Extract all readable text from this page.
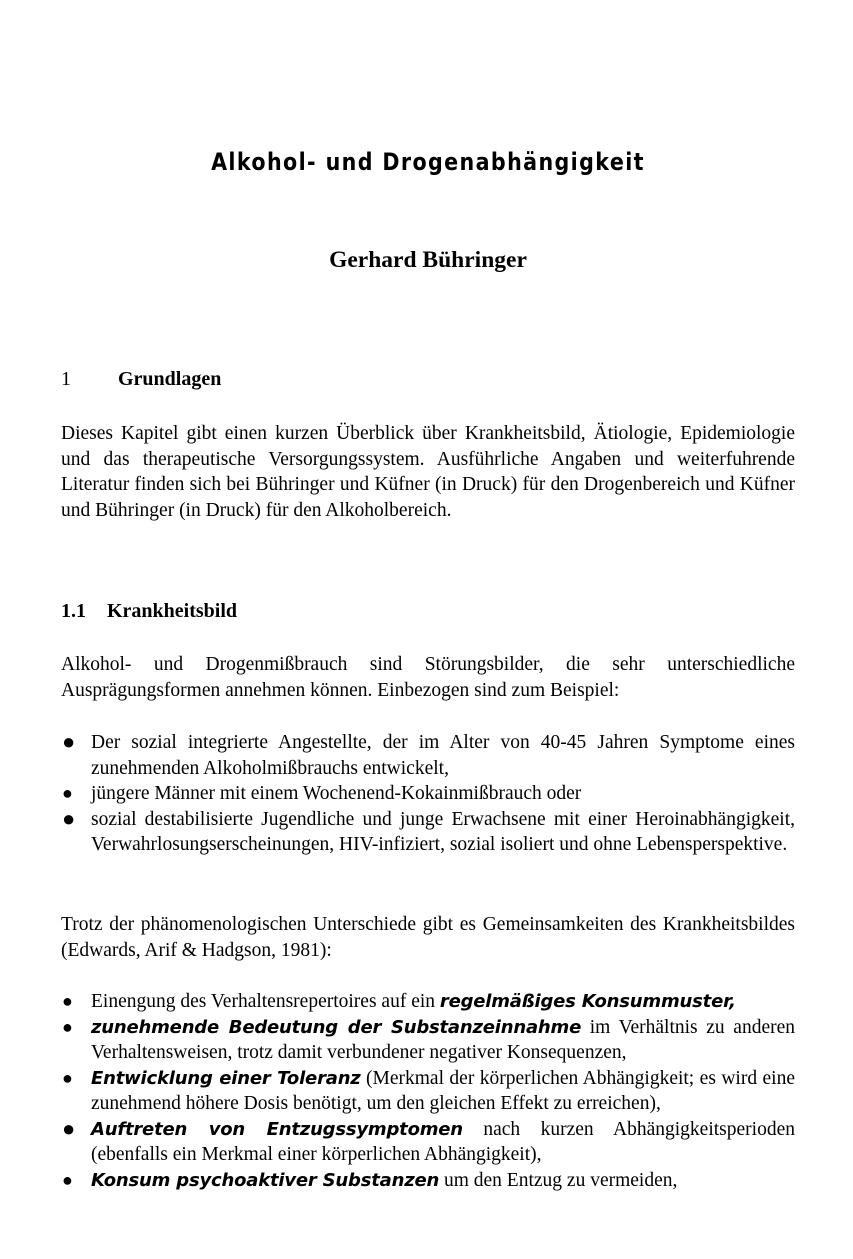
Alkohol- und Drogenabhängigkeit
Gerhard Bühringer
1 Grundlagen

Dieses Kapitel gibt einen kurzen Überblick über Krankheitsbild, Ätiologie, Epidemiologie und das therapeutische Versorgungssystem. Ausführliche Angaben und weiterfuhrende Literatur finden sich bei Bühringer und Küfner (in Druck) für den Drogenbereich und Küfner und Bühringer (in Druck) für den Alkoholbereich.

1.1 Krankheitsbild

Alkohol- und Drogenmißbrauch sind Störungsbilder, die sehr unterschiedliche Ausprägungsformen annehmen können. Einbezogen sind zum Beispiel:

● Der sozial integrierte Angestellte, der im Alter von 40-45 Jahren Symptome eines zunehmenden Alkoholmißbrauchs entwickelt,
● jüngere Männer mit einem Wochenend-Kokainmißbrauch oder
● sozial destabilisierte Jugendliche und junge Erwachsene mit einer Heroinabhängigkeit, Verwahrlosungserscheinungen, HIV-infiziert, sozial isoliert und ohne Lebensperspektive.

Trotz der phänomenologischen Unterschiede gibt es Gemeinsamkeiten des Krankheitsbildes (Edwards, Arif & Hadgson, 1981):

● Einengung des Verhaltensrepertoires auf ein regelmäßiges Konsummuster,
● zunehmende Bedeutung der Substanzeinnahme im Verhältnis zu anderen Verhaltensweisen, trotz damit verbundener negativer Konsequenzen,
● Entwicklung einer Toleranz (Merkmal der körperlichen Abhängigkeit; es wird eine zunehmend höhere Dosis benötigt, um den gleichen Effekt zu erreichen),
● Auftreten von Entzugssymptomen nach kurzen Abhängigkeitsperioden (ebenfalls ein Merkmal einer körperlichen Abhängigkeit),
● Konsum psychoaktiver Substanzen um den Entzug zu vermeiden,
